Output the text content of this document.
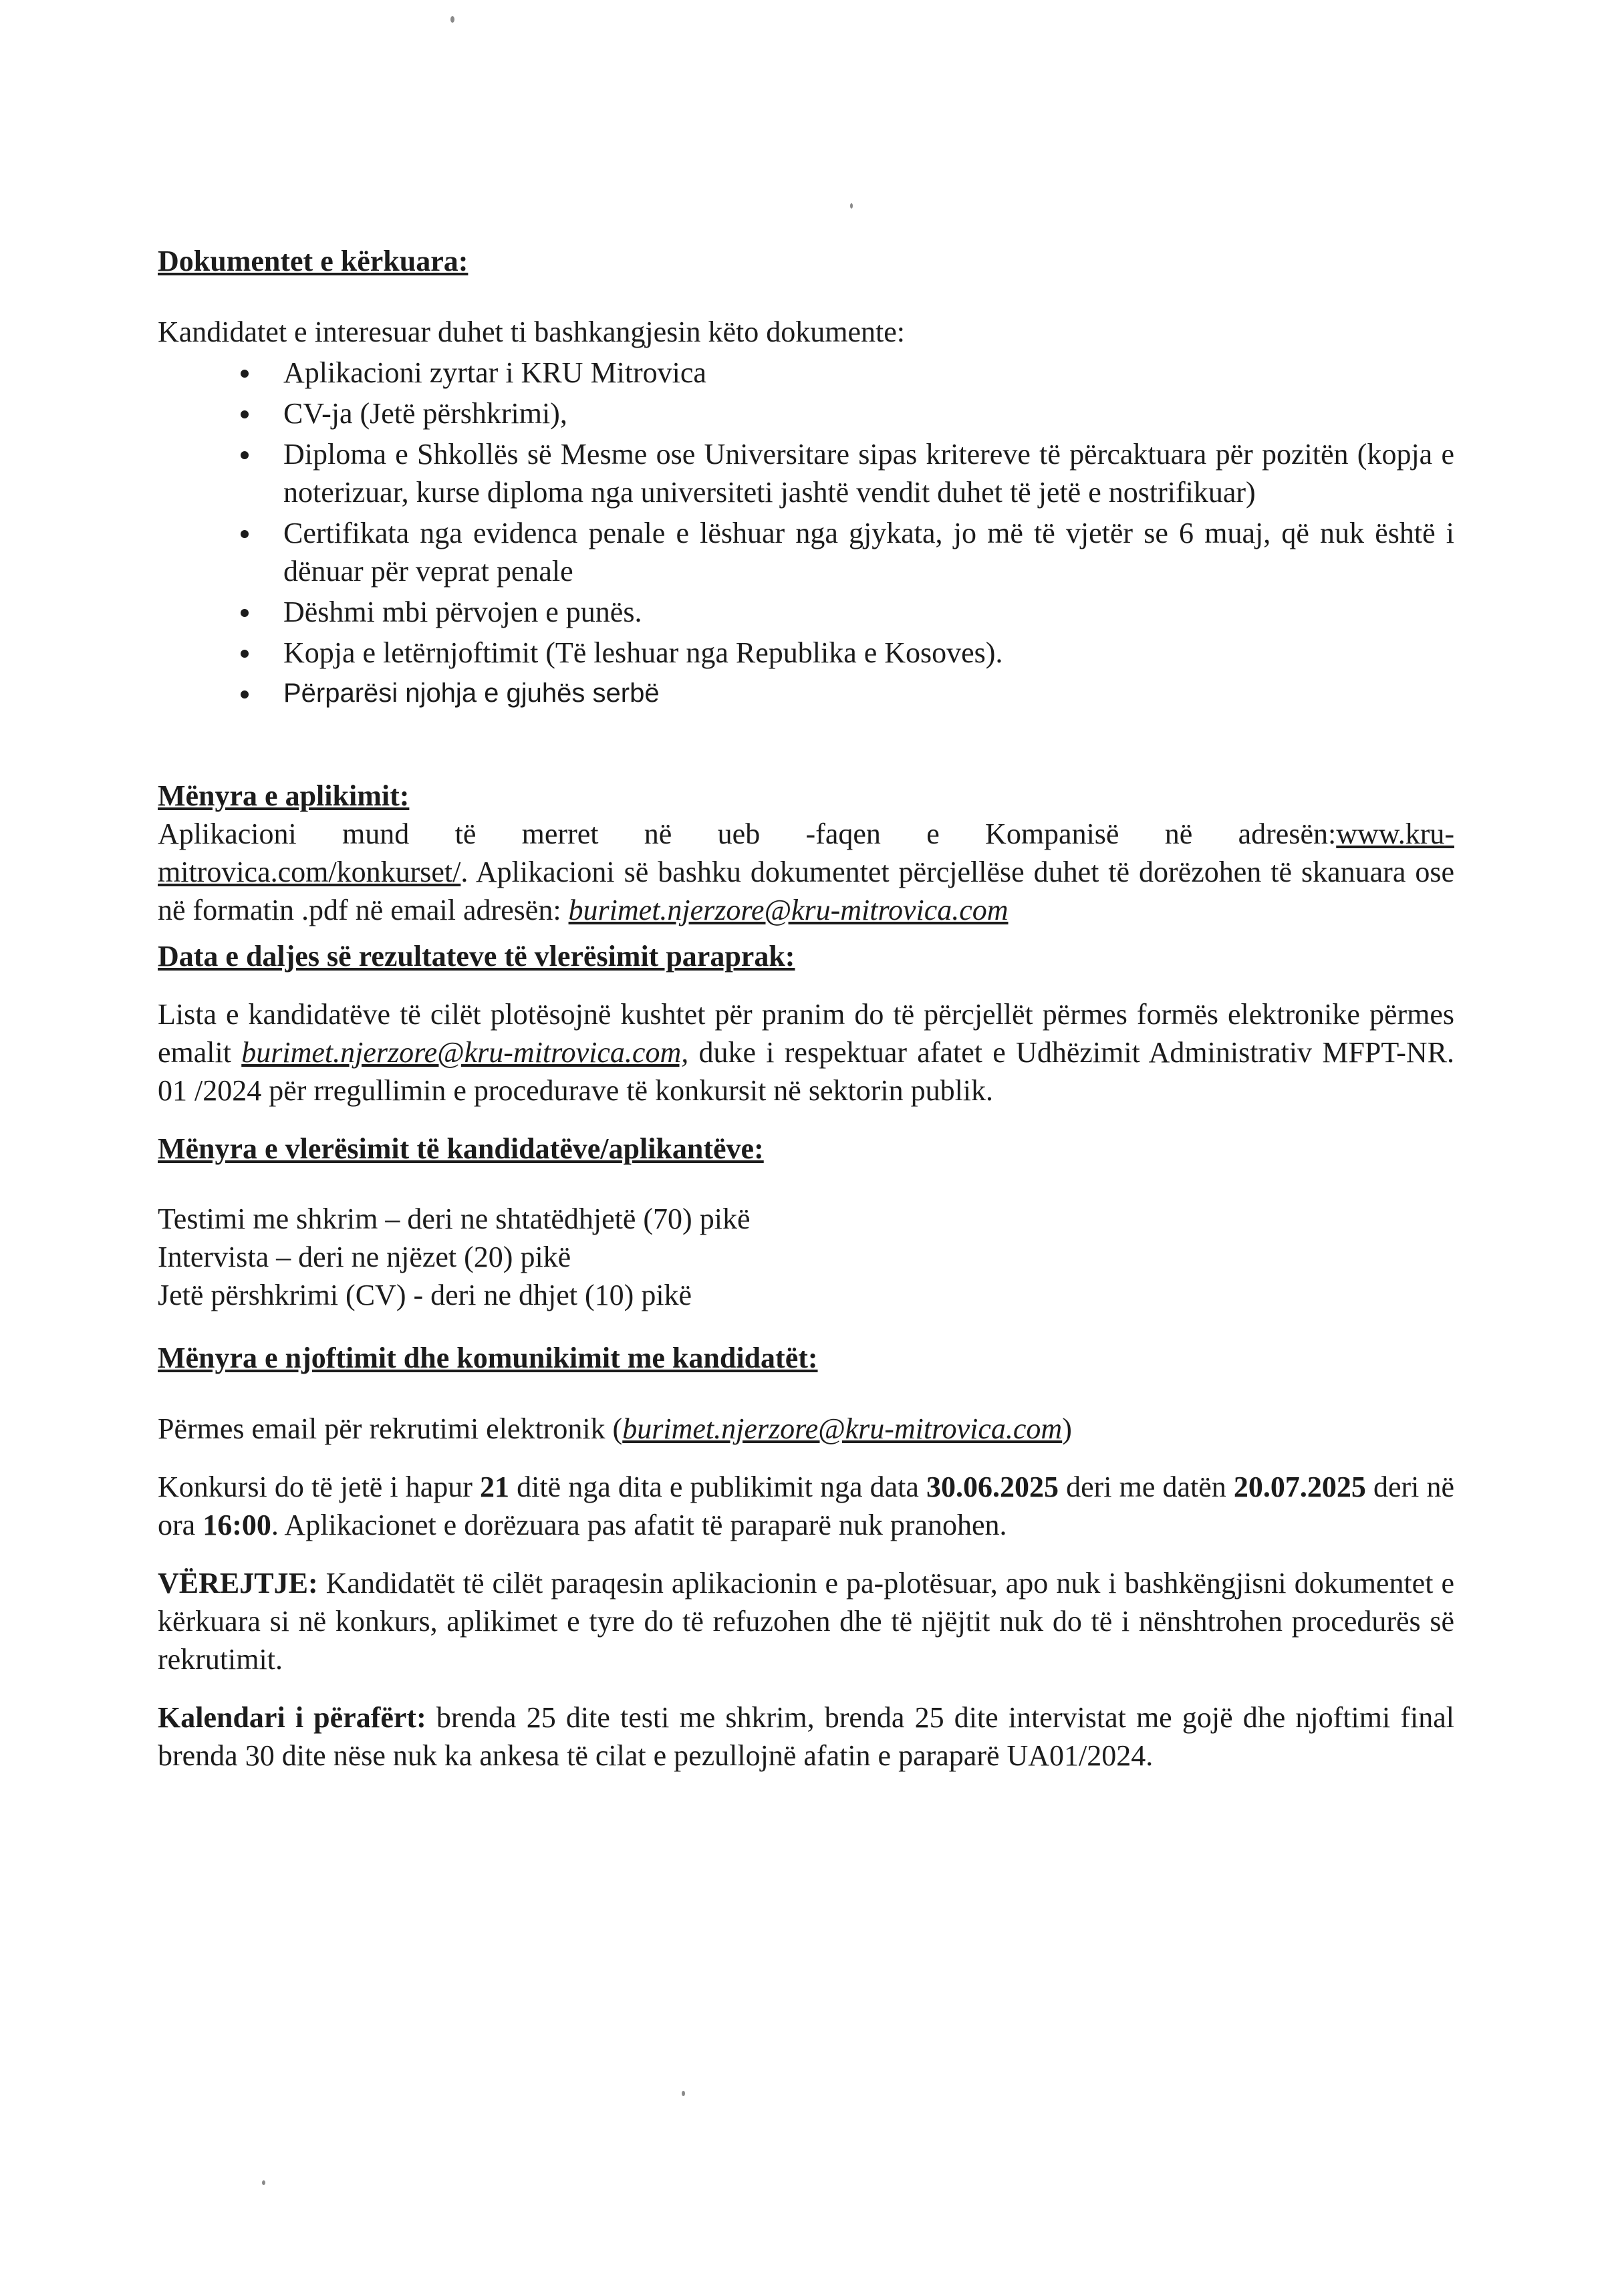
Dokumentet e kërkuara:

Kandidatet e interesuar duhet ti bashkangjesin këto dokumente:

Aplikacioni zyrtar i KRU Mitrovica
CV-ja (Jetë përshkrimi),
Diploma e Shkollës së Mesme ose Universitare sipas kritereve të përcaktuara për pozitën (kopja e noterizuar, kurse diploma nga universiteti jashtë vendit duhet të jetë e nostrifikuar)
Certifikata nga evidenca penale e lëshuar nga gjykata, jo më të vjetër se 6 muaj, që nuk është i dënuar për veprat penale
Dëshmi mbi përvojen e punës.
Kopja e letërnjoftimit (Të leshuar nga Republika e Kosoves).
Përparësi njohja e gjuhës serbë

Mënyra e aplikimit:

Aplikacioni mund të merret në ueb -faqen e Kompanisë në adresën:www.kru-

mitrovica.com/konkurset/. Aplikacioni së bashku dokumentet përcjellëse duhet të dorëzohen të skanuara ose në formatin .pdf në email adresën: burimet.njerzore@kru-mitrovica.com

Data e daljes së rezultateve të vlerësimit paraprak:

Lista e kandidatëve të cilët plotësojnë kushtet për pranim do të përcjellët përmes formës elektronike përmes emalit burimet.njerzore@kru-mitrovica.com, duke i respektuar afatet e Udhëzimit Administrativ MFPT-NR. 01 /2024 për rregullimin e procedurave të konkursit në sektorin publik.

Mënyra e vlerësimit të kandidatëve/aplikantëve:

Testimi me shkrim – deri ne shtatëdhjetë (70) pikë

Intervista – deri ne njëzet (20) pikë

Jetë përshkrimi (CV) - deri ne dhjet (10) pikë

Mënyra e njoftimit dhe komunikimit me kandidatët:

Përmes email për rekrutimi elektronik (burimet.njerzore@kru-mitrovica.com)

Konkursi do të jetë i hapur 21 ditë nga dita e publikimit nga data 30.06.2025 deri me datën 20.07.2025 deri në ora 16:00. Aplikacionet e dorëzuara pas afatit të paraparë nuk pranohen.

VËREJTJE: Kandidatët të cilët paraqesin aplikacionin e pa-plotësuar, apo nuk i bashkëngjisni dokumentet e kërkuara si në konkurs, aplikimet e tyre do të refuzohen dhe të njëjtit nuk do të i nënshtrohen procedurës së rekrutimit.

Kalendari i përafërt: brenda 25 dite testi me shkrim, brenda 25 dite intervistat me gojë dhe njoftimi final brenda 30 dite nëse nuk ka ankesa të cilat e pezullojnë afatin e paraparë UA01/2024.
